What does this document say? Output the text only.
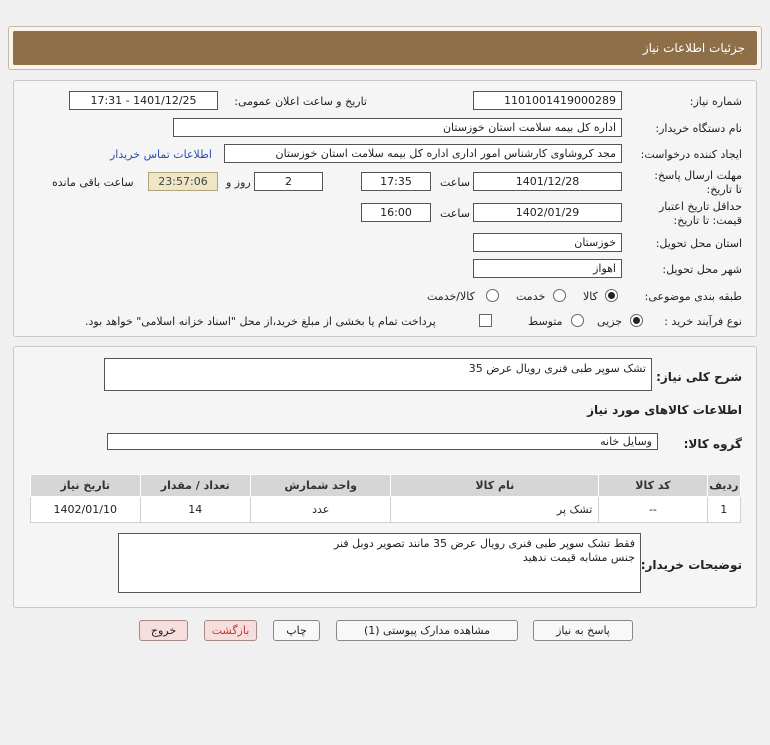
جزئیات اطلاعات نیاز
شماره نیاز:
1101001419000289
تاریخ و ساعت اعلان عمومی:
1401/12/25 - 17:31
نام دستگاه خریدار:
اداره کل بیمه سلامت استان خوزستان
ایجاد کننده درخواست:
مجد کروشاوی کارشناس امور اداری اداره کل بیمه سلامت استان خوزستان
اطلاعات تماس خریدار
مهلت ارسال پاسخ: تا تاریخ:
1401/12/28
ساعت
17:35
2
روز و
23:57:06
ساعت باقی مانده
حداقل تاریخ اعتبار
قیمت: تا تاریخ:
1402/01/29
ساعت
16:00
استان محل تحویل:
خوزستان
شهر محل تحویل:
اهواز
طبقه بندی موضوعی:
کالا
خدمت
کالا/خدمت
نوع فرآیند خرید :
جزیی
متوسط
پرداخت تمام یا بخشی از مبلغ خرید،از محل "اسناد خزانه اسلامی" خواهد بود.
شرح کلی نیاز:
تشک سوپر طبی فنری رویال عرض 35
اطلاعات کالاهای مورد نیاز
گروه کالا:
وسایل خانه
ردیف	کد کالا	نام کالا	واحد شمارش	تعداد / مقدار	تاریخ نیاز
1	--	تشک پر	عدد	14	1402/01/10
توضیحات خریدار:
فقط تشک سوپر طبی فنری رویال عرض 35 مانند تصویر دوبل فنر
جنس مشابه قیمت ندهید
پاسخ به نیاز
مشاهده مدارک پیوستی (1)
چاپ
بازگشت
خروج
